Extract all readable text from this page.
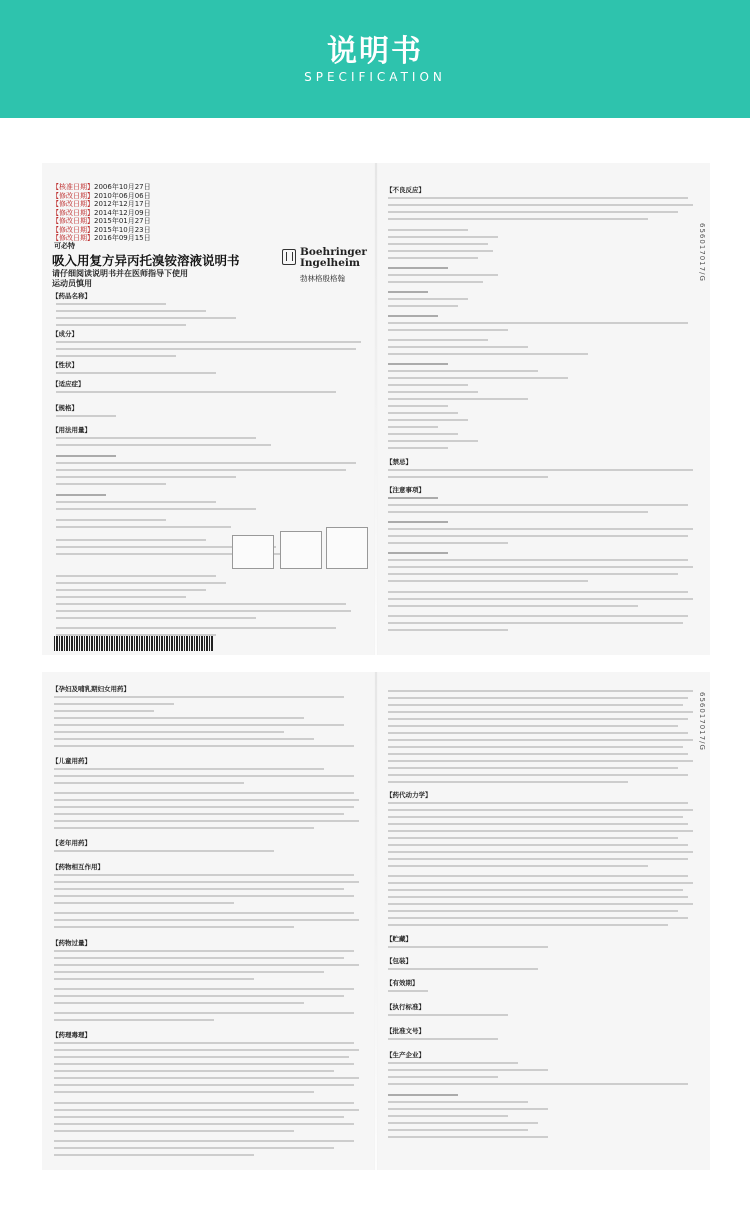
说明书
SPECIFICATION
【核准日期】2006年10月27日
【修改日期】2010年06月06日
【修改日期】2012年12月17日
【修改日期】2014年12月09日
【修改日期】2015年01月27日
【修改日期】2015年10月23日
【修改日期】2016年09月15日
可必特
吸入用复方异丙托溴铵溶液说明书
请仔细阅读说明书并在医师指导下使用
运动员慎用
Boehringer Ingelheim
勃林格殷格翰
【药品名称】
【成分】
【性状】
【适应症】
【规格】
【用法用量】
【不良反应】
【禁忌】
【注意事项】
656017017/G
【孕妇及哺乳期妇女用药】
【儿童用药】
【老年用药】
【药物相互作用】
【药物过量】
【药理毒理】
【药代动力学】
【贮藏】
【包装】
【有效期】
【执行标准】
【批准文号】
【生产企业】
656017017/G
